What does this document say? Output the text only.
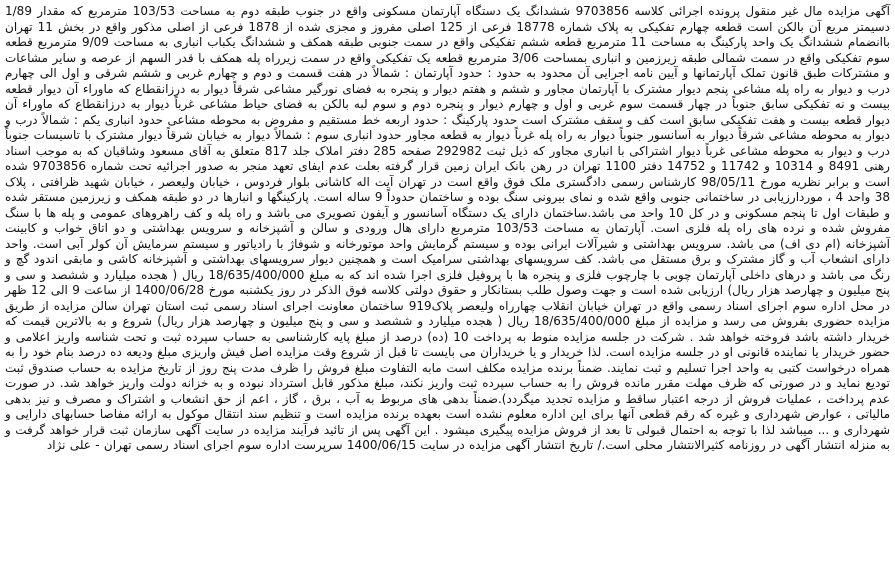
آگهی مزایده مال غیر منقول پرونده اجرائی کلاسه 9703856 ششدانگ یک دستگاه آپارتمان مسکونی واقع در جنوب طبقه دوم به مساحت 103/53 مترمربع که مقدار 1/89 دسیمتر مربع آن بالکن است قطعه چهارم تفکیکی به پلاک شماره 18778 فرعی از 125 اصلی مفروز و مجزی شده از 1878 فرعی از اصلی مذکور واقع در بخش 11 تهران باانضمام ششدانگ یک واحد پارکینگ به مساحت 11 مترمربع قطعه ششم تفکیکی واقع در سمت جنوبی طبقه همکف و ششدانگ یکباب انباری به مساحت 9/09 مترمربع قطعه سوم تفکیکی واقع در سمت شمالی طبقه زیرزمین و انباری بمساحت 3/06 مترمربع قطعه یک تفکیکی واقع در سمت زیرراه پله همکف با قدر السهم از عرصه و سایر مشاعات و مشترکات طبق قانون تملک آپارتمانها و آیین نامه اجرایی آن محدود به حدود : حدود آپارتمان : شمالاً در هفت قسمت و دوم و چهارم غربی و ششم شرقی و اول الی چهارم درب و دیوار به راه پله مشاعی پنجم دیوار مشترک با آپارتمان مجاور و ششم و هفتم دیوار و پنجره به فضای نورگیر مشاعی شرقاً دیوار به درزانقطاع که ماوراء آن دیوار قطعه بیست و نه تفکیکی سابق جنوباً در چهار قسمت سوم غربی و اول و چهارم دیوار و پنجره دوم و سوم لبه بالکن به فضای حیاط مشاعی غرباً دیوار به درزانقطاع که ماوراء آن دیوار قطعه بیست و هفت تفکیکی سابق است کف و سقف مشترک است حدود پارکینگ : حدود اربعه خط مستقیم و مفروض به محوطه مشاعی حدود انباری یکم : شمالاً درب و دیوار به محوطه مشاعی شرقاً دیوار به آسانسور جنوباً دیوار به راه پله غرباً دیوار به قطعه مجاور حدود انباری سوم : شمالاً دیوار به خیابان شرقاً دیوار مشترک با تاسیسات جنوباً درب و دیوار به محوطه مشاعی غرباً دیوار اشتراکی با انباری مجاور که ذیل ثبت 292982 صفحه 285 دفتر املاک جلد 817 متعلق به آقای مسعود وشاقیان که به موجب اسناد رهنی 8491 و 10314 و 11742 و 14752 دفتر 1100 تهران در رهن بانک ایران زمین قرار گرفته بعلت عدم ایفای تعهد منجر به صدور اجرائیه تحت شماره 9703856 شده است و برابر نظریه مورخ 98/05/11 کارشناس رسمی دادگستری ملک فوق واقع است در تهران آیت اله کاشانی بلوار فردوس ، خیابان ولیعصر ، خیابان شهید ظرافتی ، پلاک 38 واحد 4 ، موردارزیابی در ساختمانی جنوبی واقع شده و نمای بیرونی سنگ بوده و ساختمان حدوداً 9 ساله است. پارکینگها و انبارها در دو طبقه همکف و زیرزمین مستقر شده و طبقات اول تا پنجم مسکونی و در کل 10 واحد می باشد.ساختمان دارای یک دستگاه آسانسور و آیفون تصویری می باشد و راه پله و کف راهروهای عمومی و پله ها با سنگ مفروش شده و نرده های راه پله فلزی است. آپارتمان به مساحت 103/53 مترمربع دارای هال ورودی و سالن و آشپزخانه و سرویس بهداشتی و دو اتاق خواب و کابینت آشپزخانه (ام دی اف) می باشد. سرویس بهداشتی و شیرآلات ایرانی بوده و سیستم گرمایش واحد موتورخانه و شوفاژ با رادیاتور و سیستم سرمایش آن کولر آبی است. واحد دارای انشعاب آب و گاز مشترک و برق مستقل می باشد. کف سرویسهای بهداشتی سرامیک است و همچنین دیوار سرویسهای بهداشتی و آشپزخانه کاشی و مابقی اندود گچ و رنگ می باشد و درهای داخلی آپارتمان چوبی با چارچوب فلزی و پنجره ها با پروفیل فلزی اجرا شده اند که به مبلغ 18/635/400/000 ریال ( هجده میلیارد و ششصد و سی و پنج میلیون و چهارصد هزار ریال) ارزیابی شده است و جهت وصول طلب بستانکار و حقوق دولتی کلاسه فوق الذکر در روز یکشنبه مورخ 1400/06/28 از ساعت 9 الی 12 ظهر در محل اداره سوم اجرای اسناد رسمی واقع در تهران خیابان انقلاب چهارراه ولیعصر پلاک919 ساختمان معاونت اجرای اسناد رسمی ثبت استان تهران سالن مزایده از طریق مزایده حضوری بفروش می رسد و مزایده از مبلغ 18/635/400/000 ریال ( هجده میلیارد و ششصد و سی و پنج میلیون و چهارصد هزار ریال) شروع و به بالاترین قیمت که خریدار داشته باشد فروخته خواهد شد . شرکت در جلسه مزایده منوط به پرداخت 10 (ده) درصد از مبلغ پایه کارشناسی به حساب سپرده ثبت و تحت شناسه واریز اعلامی و حضور خریدار یا نماینده قانونی او در جلسه مزایده است. لذا خریدار و یا خریداران می بایست تا قبل از شروع وقت مزایده اصل فیش واریزی مبلغ ودیعه ده درصد بنام خود را به همراه درخواست کتبی به واحد اجرا تسلیم و ثبت نمایند. ضمناً برنده مزایده مکلف است مابه التفاوت مبلغ فروش را ظرف مدت پنج روز از تاریخ مزایده به حساب صندوق ثبت تودیع نماید و در صورتی که ظرف مهلت مقرر مانده فروش را به حساب سپرده ثبت واریز نکند، مبلغ مذکور قابل استرداد نبوده و به خزانه دولت واریز خواهد شد. در صورت عدم پرداخت ، عملیات فروش از درجه اعتبار ساقط و مزایده تجدید میگردد).ضمناً بدهی های مربوط به آب ، برق ، گاز ، اعم از حق انشعاب و اشتراک و مصرف و نیز بدهی مالیاتی ، عوارض شهرداری و غیره که رقم قطعی آنها برای این اداره معلوم نشده است بعهده برنده مزایده است و تنظیم سند انتقال موکول به ارائه مفاصا حسابهای دارایی و شهرداری و ... میباشد لذا با توجه به احتمال قبولی تا بعد از فروش مزایده پیگیری میشود . این آگهی پس از تائید فرآیند مزایده در سایت آگهی سازمان ثبت قرار خواهد گرفت و به منزله انتشار آگهی در روزنامه کثیرالانتشار محلی است./ تاریخ انتشار آگهی مزایده در سایت 1400/06/15 سرپرست اداره سوم اجرای اسناد رسمی تهران - علی نژاد
